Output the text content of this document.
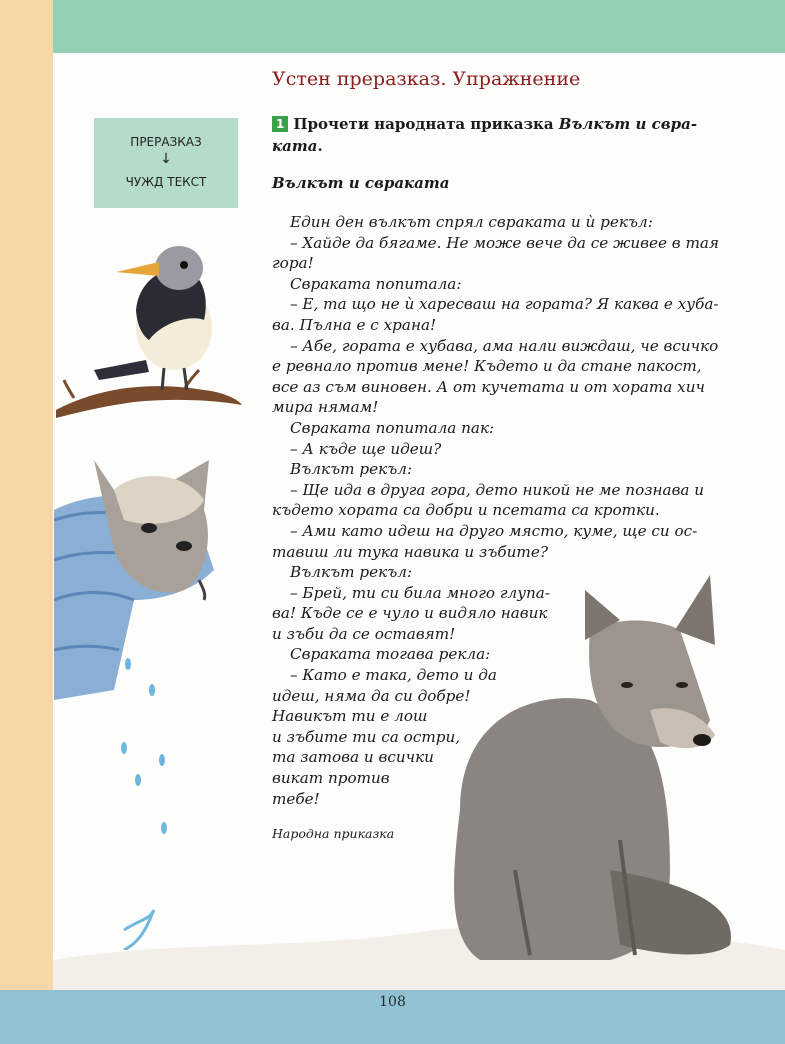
Устен преразказ. Упражнение
ПРЕРАЗКАЗ
↓
ЧУЖД ТЕКСТ
1 Прочети народната приказка Вълкът и свра-
ката.
Вълкът и свраката

Един ден вълкът спрял свраката и ѝ рекъл:

– Хайде да бягаме. Не може вече да се живее в тая

гора!

Свраката попитала:

– Е, та що не ѝ харесваш на гората? Я каква е хуба-

ва. Пълна е с храна!

– Абе, гората е хубава, ама нали виждаш, че всичко

е ревнало против мене! Където и да стане пакост,

все аз съм виновен. А от кучетата и от хората хич

мира нямам!

Свраката попитала пак:

– А къде ще идеш?

Вълкът рекъл:

– Ще ида в друга гора, дето никой не ме познава и

където хората са добри и псетата са кротки.

– Ами като идеш на друго място, куме, ще си ос-

тавиш ли тука навика и зъбите?

Вълкът рекъл:

– Брей, ти си била много глупа-

ва! Къде се е чуло и видяло навик

и зъби да се оставят!

Свраката тогава рекла:

– Като е така, дето и да

идеш, няма да си добре!

Навикът ти е лош

и зъбите ти са остри,

та затова и всички

викат против

тебе!

Народна приказка
108
